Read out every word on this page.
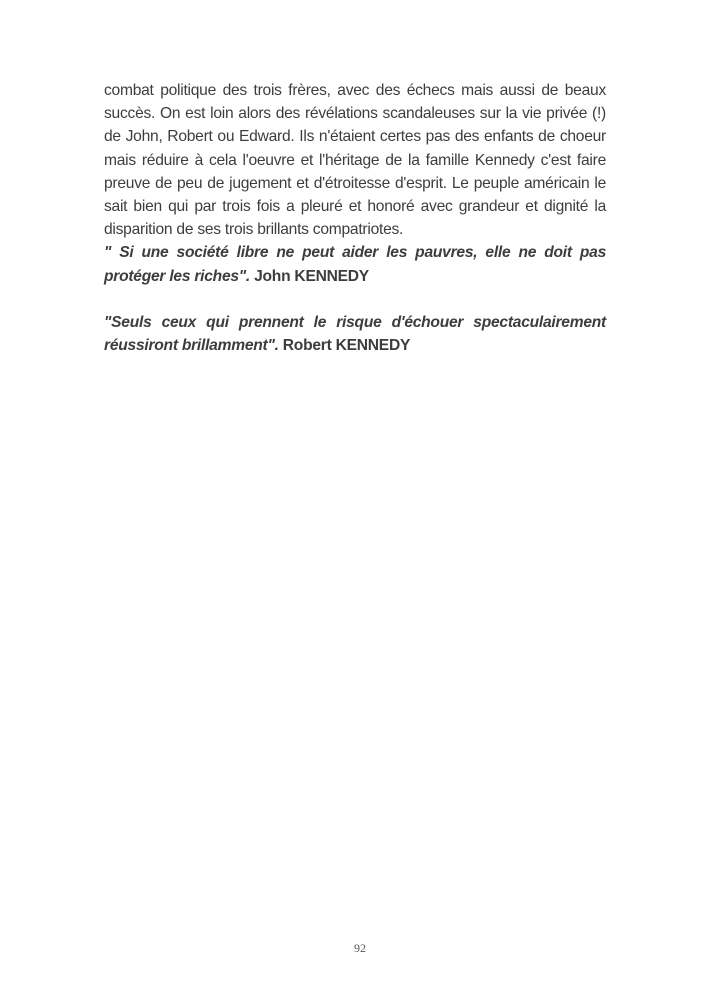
combat politique des trois frères, avec des échecs mais aussi de beaux succès. On est loin alors des révélations scandaleuses sur la vie privée (!) de John, Robert ou Edward. Ils n'étaient certes pas des enfants de choeur mais réduire à cela l'oeuvre et l'héritage de la famille Kennedy c'est faire preuve de peu de jugement et d'étroitesse d'esprit. Le peuple américain le sait bien qui par trois fois a pleuré et honoré avec grandeur et dignité la disparition de ses trois brillants compatriotes.

" Si une société libre ne peut aider les pauvres, elle ne doit pas protéger les riches". John KENNEDY

"Seuls ceux qui prennent le risque d'échouer spectaculairement réussiront brillamment". Robert KENNEDY

92
